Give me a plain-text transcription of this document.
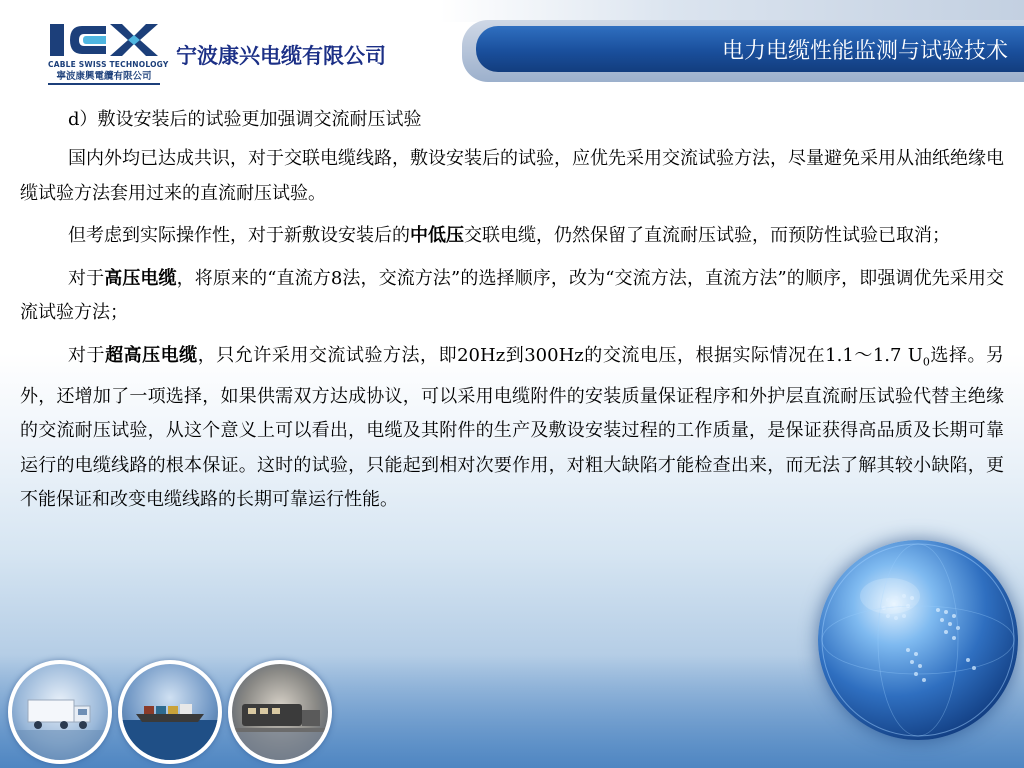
CABLE SWISS TECHNOLOGY
寧波康興電纜有限公司
宁波康兴电缆有限公司	电力电缆性能监测与试验技术
d）敷设安装后的试验更加强调交流耐压试验

国内外均已达成共识，对于交联电缆线路，敷设安装后的试验，应优先采用交流试验方法，尽量避免采用从油纸绝缘电缆试验方法套用过来的直流耐压试验。

但考虑到实际操作性，对于新敷设安装后的中低压交联电缆，仍然保留了直流耐压试验，而预防性试验已取消；

对于高压电缆，将原来的“直流方8法，交流方法”的选择顺序，改为“交流方法，直流方法”的顺序，即强调优先采用交流试验方法；

对于超高压电缆，只允许采用交流试验方法，即20Hz到300Hz的交流电压，根据实际情况在1.1～1.7 $U_0$选择。另外，还增加了一项选择，如果供需双方达成协议，可以采用电缆附件的安装质量保证程序和外护层直流耐压试验代替主绝缘的交流耐压试验，从这个意义上可以看出，电缆及其附件的生产及敷设安装过程的工作质量，是保证获得高品质及长期可靠运行的电缆线路的根本保证。这时的试验，只能起到相对次要作用，对粗大缺陷才能检查出来，而无法了解其较小缺陷，更不能保证和改变电缆线路的长期可靠运行性能。
